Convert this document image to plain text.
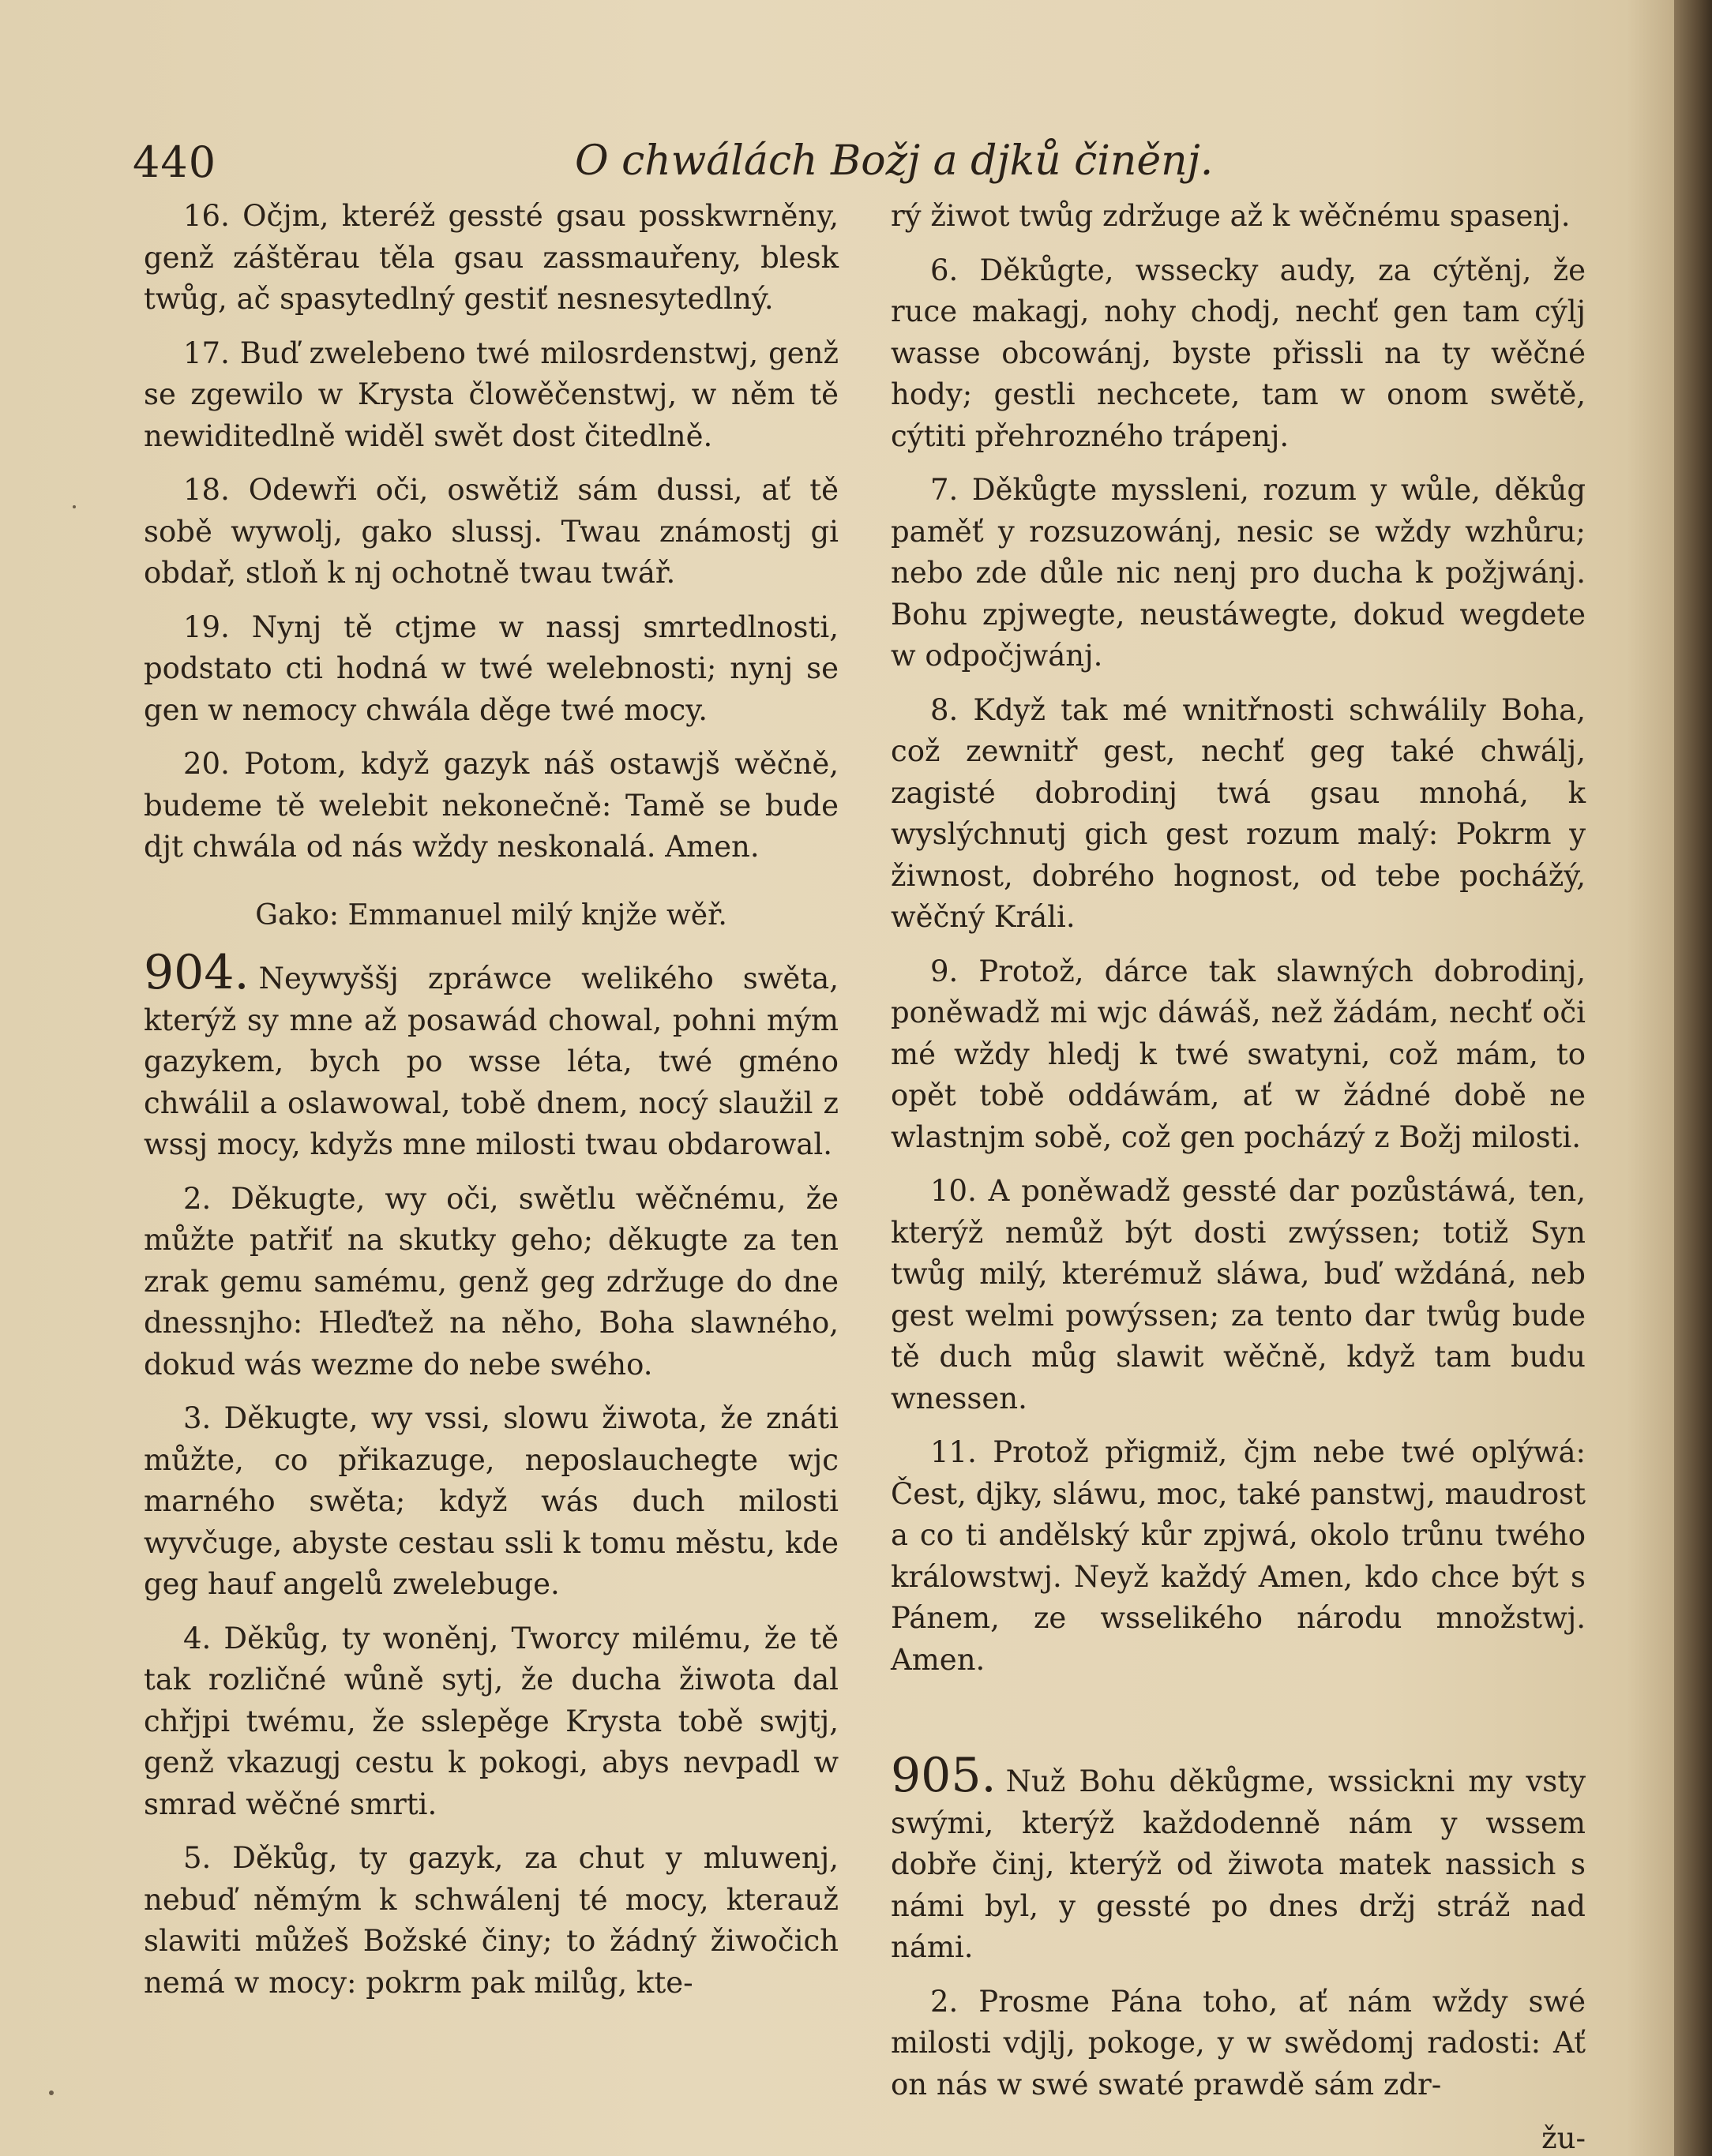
440	O chwálách Božj a djků činěnj.

16. Očjm, kteréž gessté gsau posskwrněny, genž záštěrau těla gsau zassmauřeny, blesk twůg, ač spasytedlný gestiť nesnesytedlný.

17. Buď zwelebeno twé milosrdenstwj, genž se zgewilo w Krysta člowěčenstwj, w něm tě newiditedlně widěl swět dost čitedlně.

18. Odewři oči, oswětiž sám dussi, ať tě sobě wywolj, gako slussj. Twau známostj gi obdař, stloň k nj ochotně twau twář.

19. Nynj tě ctjme w nassj smrtedlnosti, podstato cti hodná w twé welebnosti; nynj se gen w nemocy chwála děge twé mocy.

20. Potom, když gazyk náš ostawjš wěčně, budeme tě welebit nekonečně: Tamě se bude djt chwála od nás wždy neskonalá. Amen.

Gako: Emmanuel milý knjže wěř.

904. Neywyššj zpráwce welikého swěta, kterýž sy mne až posawád chowal, pohni mým gazykem, bych po wsse léta, twé gméno chwálil a oslawowal, tobě dnem, nocý slaužil z wssj mocy, kdyžs mne milosti twau obdarowal.

2. Děkugte, wy oči, swětlu wěčnému, že můžte patřiť na skutky geho; děkugte za ten zrak gemu samému, genž geg zdržuge do dne dnessnjho: Hleďtež na něho, Boha slawného, dokud wás wezme do nebe swého.

3. Děkugte, wy vssi, slowu žiwota, že znáti můžte, co přikazuge, neposlauchegte wjc marného swěta; když wás duch milosti wyvčuge, abyste cestau ssli k tomu městu, kde geg hauf angelů zwelebuge.

4. Děkůg, ty woněnj, Tworcy milému, že tě tak rozličné wůně sytj, že ducha žiwota dal chřjpi twému, že sslepěge Krysta tobě swjtj, genž vkazugj cestu k pokogi, abys nevpadl w smrad wěčné smrti.

5. Děkůg, ty gazyk, za chut y mluwenj, nebuď němým k schwálenj té mocy, kterauž slawiti můžeš Božské činy; to žádný žiwočich nemá w mocy: pokrm pak milůg, kte-

rý žiwot twůg zdržuge až k wěčnému spasenj.

6. Děkůgte, wssecky audy, za cýtěnj, že ruce makagj, nohy chodj, nechť gen tam cýlj wasse obcowánj, byste přissli na ty wěčné hody; gestli nechcete, tam w onom swětě, cýtiti přehrozného trápenj.

7. Děkůgte myssleni, rozum y wůle, děkůg paměť y rozsuzowánj, nesic se wždy wzhůru; nebo zde důle nic nenj pro ducha k požjwánj. Bohu zpjwegte, neustáwegte, dokud wegdete w odpočjwánj.

8. Když tak mé wnitřnosti schwálily Boha, což zewnitř gest, nechť geg také chwálj, zagisté dobrodinj twá gsau mnohá, k wyslýchnutj gich gest rozum malý: Pokrm y žiwnost, dobrého hognost, od tebe pochážý, wěčný Králi.

9. Protož, dárce tak slawných dobrodinj, poněwadž mi wjc dáwáš, než žádám, nechť oči mé wždy hledj k twé swatyni, což mám, to opět tobě oddáwám, ať w žádné době ne wlastnjm sobě, což gen pocházý z Božj milosti.

10. A poněwadž gessté dar pozůstáwá, ten, kterýž nemůž být dosti zwýssen; totiž Syn twůg milý, kterémuž sláwa, buď wždáná, neb gest welmi powýssen; za tento dar twůg bude tě duch můg slawit wěčně, když tam budu wnessen.

11. Protož přigmiž, čjm nebe twé oplýwá: Čest, djky, sláwu, moc, také panstwj, maudrost a co ti andělský kůr zpjwá, okolo trůnu twého králowstwj. Neyž každý Amen, kdo chce být s Pánem, ze wsselikého národu množstwj. Amen.

905. Nuž Bohu děkůgme, wssickni my vsty swými, kterýž každodenně nám y wssem dobře činj, kterýž od žiwota matek nassich s námi byl, y gessté po dnes držj stráž nad námi.

2. Prosme Pána toho, ať nám wždy swé milosti vdjlj, pokoge, y w swědomj radosti: Ať on nás w swé swaté prawdě sám zdr-

žu-
